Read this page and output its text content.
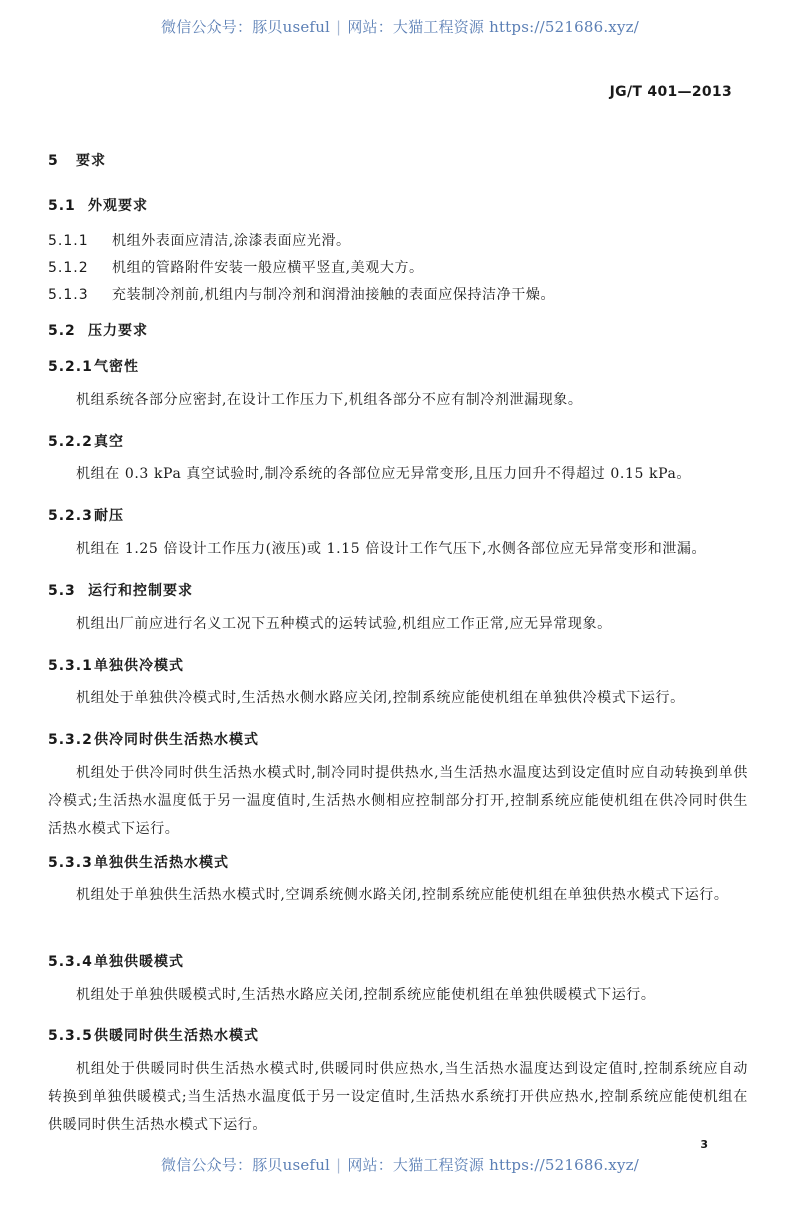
微信公众号：豚贝useful | 网站：大猫工程资源 https://521686.xyz/
JG/T 401—2013
5 要求
5.1 外观要求
5.1.1 机组外表面应清洁,涂漆表面应光滑。
5.1.2 机组的管路附件安装一般应横平竖直,美观大方。
5.1.3 充装制冷剂前,机组内与制冷剂和润滑油接触的表面应保持洁净干燥。
5.2 压力要求
5.2.1气密性
机组系统各部分应密封,在设计工作压力下,机组各部分不应有制冷剂泄漏现象。
5.2.2真空
机组在 0.3 kPa 真空试验时,制冷系统的各部位应无异常变形,且压力回升不得超过 0.15 kPa。
5.2.3耐压
机组在 1.25 倍设计工作压力(液压)或 1.15 倍设计工作气压下,水侧各部位应无异常变形和泄漏。
5.3 运行和控制要求
机组出厂前应进行名义工况下五种模式的运转试验,机组应工作正常,应无异常现象。
5.3.1单独供冷模式
机组处于单独供冷模式时,生活热水侧水路应关闭,控制系统应能使机组在单独供冷模式下运行。
5.3.2供冷同时供生活热水模式
机组处于供冷同时供生活热水模式时,制冷同时提供热水,当生活热水温度达到设定值时应自动转换到单供冷模式;生活热水温度低于另一温度值时,生活热水侧相应控制部分打开,控制系统应能使机组在供冷同时供生活热水模式下运行。
5.3.3单独供生活热水模式
机组处于单独供生活热水模式时,空调系统侧水路关闭,控制系统应能使机组在单独供热水模式下运行。
5.3.4单独供暖模式
机组处于单独供暖模式时,生活热水路应关闭,控制系统应能使机组在单独供暖模式下运行。
5.3.5供暖同时供生活热水模式
机组处于供暖同时供生活热水模式时,供暖同时供应热水,当生活热水温度达到设定值时,控制系统应自动转换到单独供暖模式;当生活热水温度低于另一设定值时,生活热水系统打开供应热水,控制系统应能使机组在供暖同时供生活热水模式下运行。
3
微信公众号：豚贝useful | 网站：大猫工程资源 https://521686.xyz/
